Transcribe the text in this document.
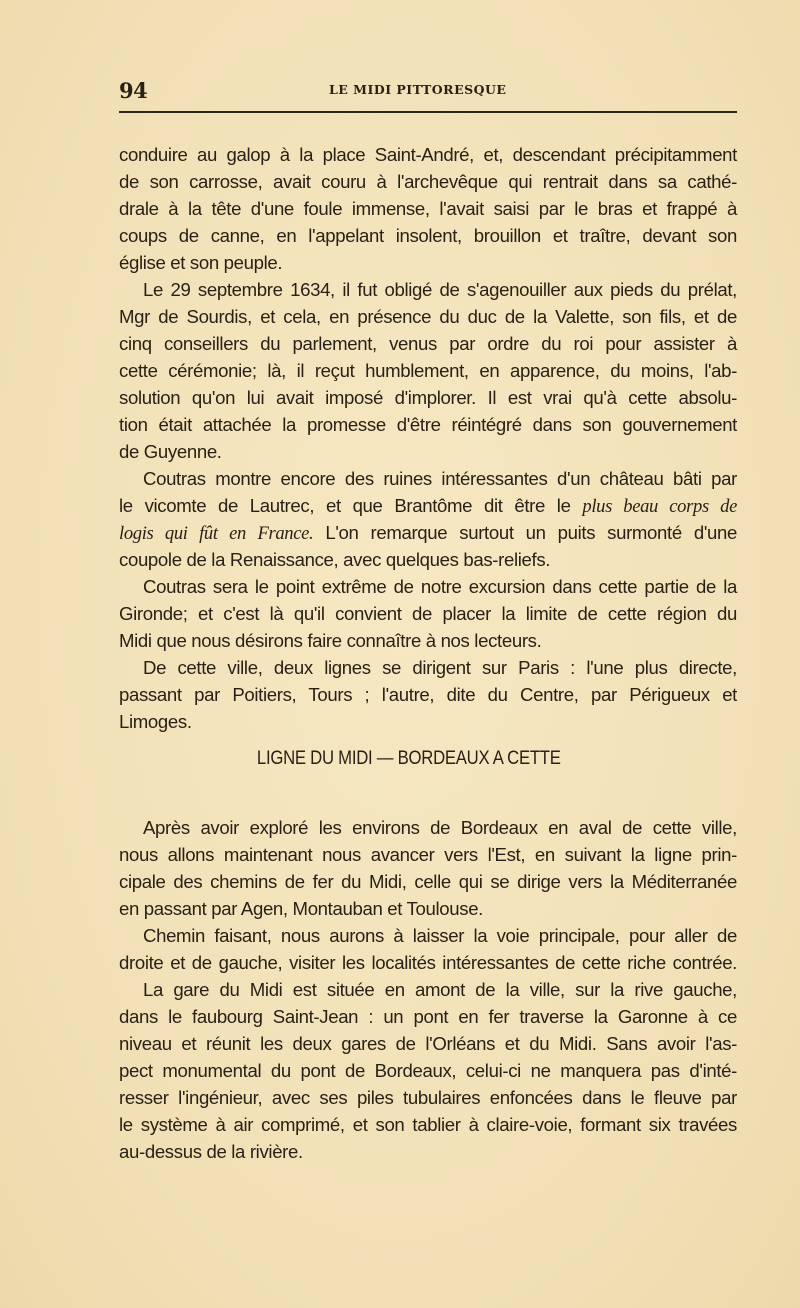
94	LE MIDI PITTORESQUE
conduire au galop à la place Saint-André, et, descendant précipitamment
de son carrosse, avait couru à l'archevêque qui rentrait dans sa cathé-
drale à la tête d'une foule immense, l'avait saisi par le bras et frappé à
coups de canne, en l'appelant insolent, brouillon et traître, devant son
église et son peuple.
Le 29 septembre 1634, il fut obligé de s'agenouiller aux pieds du prélat,
Mgr de Sourdis, et cela, en présence du duc de la Valette, son fils, et de
cinq conseillers du parlement, venus par ordre du roi pour assister à
cette cérémonie; là, il reçut humblement, en apparence, du moins, l'ab-
solution qu'on lui avait imposé d'implorer. Il est vrai qu'à cette absolu-
tion était attachée la promesse d'être réintégré dans son gouvernement
de Guyenne.
Coutras montre encore des ruines intéressantes d'un château bâti par
le vicomte de Lautrec, et que Brantôme dit être le plus beau corps de
logis qui fût en France. L'on remarque surtout un puits surmonté d'une
coupole de la Renaissance, avec quelques bas-reliefs.
Coutras sera le point extrême de notre excursion dans cette partie de la
Gironde; et c'est là qu'il convient de placer la limite de cette région du
Midi que nous désirons faire connaître à nos lecteurs.
De cette ville, deux lignes se dirigent sur Paris : l'une plus directe,
passant par Poitiers, Tours ; l'autre, dite du Centre, par Périgueux et
Limoges.
LIGNE DU MIDI — BORDEAUX A CETTE
Après avoir exploré les environs de Bordeaux en aval de cette ville,
nous allons maintenant nous avancer vers l'Est, en suivant la ligne prin-
cipale des chemins de fer du Midi, celle qui se dirige vers la Méditerranée
en passant par Agen, Montauban et Toulouse.
Chemin faisant, nous aurons à laisser la voie principale, pour aller de
droite et de gauche, visiter les localités intéressantes de cette riche contrée.
La gare du Midi est située en amont de la ville, sur la rive gauche,
dans le faubourg Saint-Jean : un pont en fer traverse la Garonne à ce
niveau et réunit les deux gares de l'Orléans et du Midi. Sans avoir l'as-
pect monumental du pont de Bordeaux, celui-ci ne manquera pas d'inté-
resser l'ingénieur, avec ses piles tubulaires enfoncées dans le fleuve par
le système à air comprimé, et son tablier à claire-voie, formant six travées
au-dessus de la rivière.
